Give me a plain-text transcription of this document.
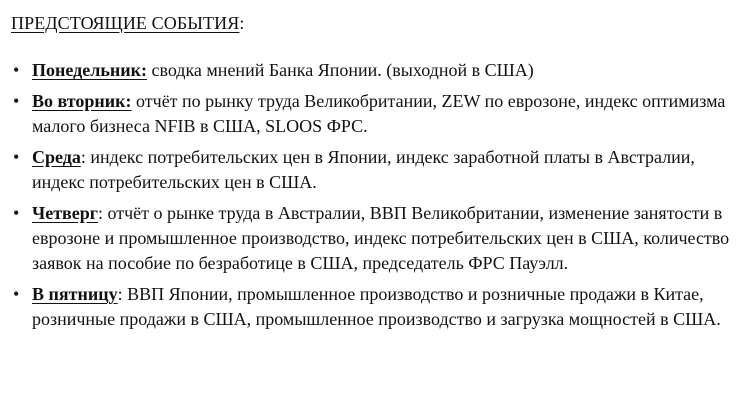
ПРЕДСТОЯЩИЕ СОБЫТИЯ:
• Понедельник: сводка мнений Банка Японии. (выходной в США)
• Во вторник: отчёт по рынку труда Великобритании, ZEW по еврозоне, индекс оптимизма малого бизнеса NFIB в США, SLOOS ФРС.
• Среда: индекс потребительских цен в Японии, индекс заработной платы в Австралии, индекс потребительских цен в США.
• Четверг: отчёт о рынке труда в Австралии, ВВП Великобритании, изменение занятости в еврозоне и промышленное производство, индекс потребительских цен в США, количество заявок на пособие по безработице в США, председатель ФРС Пауэлл.
• В пятницу: ВВП Японии, промышленное производство и розничные продажи в Китае, розничные продажи в США, промышленное производство и загрузка мощностей в США.
